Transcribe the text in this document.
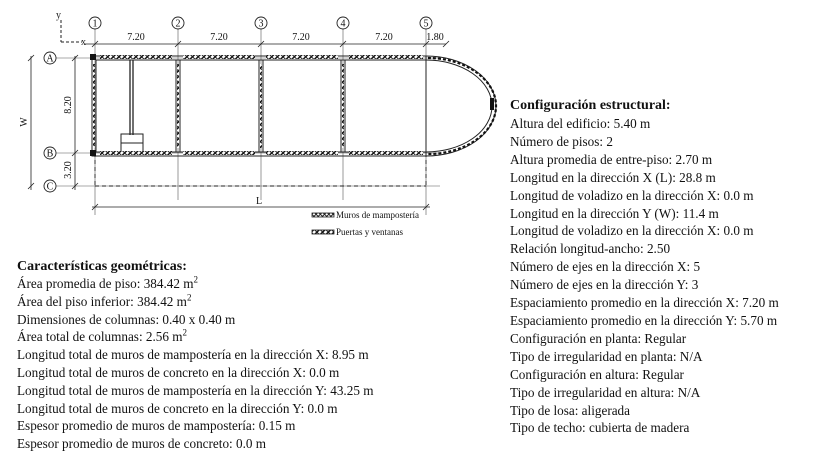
y
x
1	2	3	4	5
7.20	7.20	7.20	7.20	1.80
A
B
C
W
8.20
3.20
L
Muros de mampostería
Puertas y ventanas
Características geométricas:
Área promedia de piso: 384.42 $m^2$
Área del piso inferior: 384.42 $m^2$
Dimensiones de columnas: 0.40 x 0.40 m
Área total de columnas: 2.56 $m^2$
Longitud total de muros de mampostería en la dirección X: 8.95 m
Longitud total de muros de concreto en la dirección X: 0.0 m
Longitud total de muros de mampostería en la dirección Y: 43.25 m
Longitud total de muros de concreto en la dirección Y: 0.0 m
Espesor promedio de muros de mampostería: 0.15 m
Espesor promedio de muros de concreto: 0.0 m
Configuración estructural:
Altura del edificio: 5.40 m
Número de pisos: 2
Altura promedia de entre-piso: 2.70 m
Longitud en la dirección X (L): 28.8 m
Longitud de voladizo en la dirección X: 0.0 m
Longitud en la dirección Y (W): 11.4 m
Longitud de voladizo en la dirección X: 0.0 m
Relación longitud-ancho: 2.50
Número de ejes en la dirección X: 5
Número de ejes en la dirección Y: 3
Espaciamiento promedio en la dirección X: 7.20 m
Espaciamiento promedio en la dirección Y: 5.70 m
Configuración en planta: Regular
Tipo de irregularidad en planta: N/A
Configuración en altura: Regular
Tipo de irregularidad en altura: N/A
Tipo de losa: aligerada
Tipo de techo: cubierta de madera
